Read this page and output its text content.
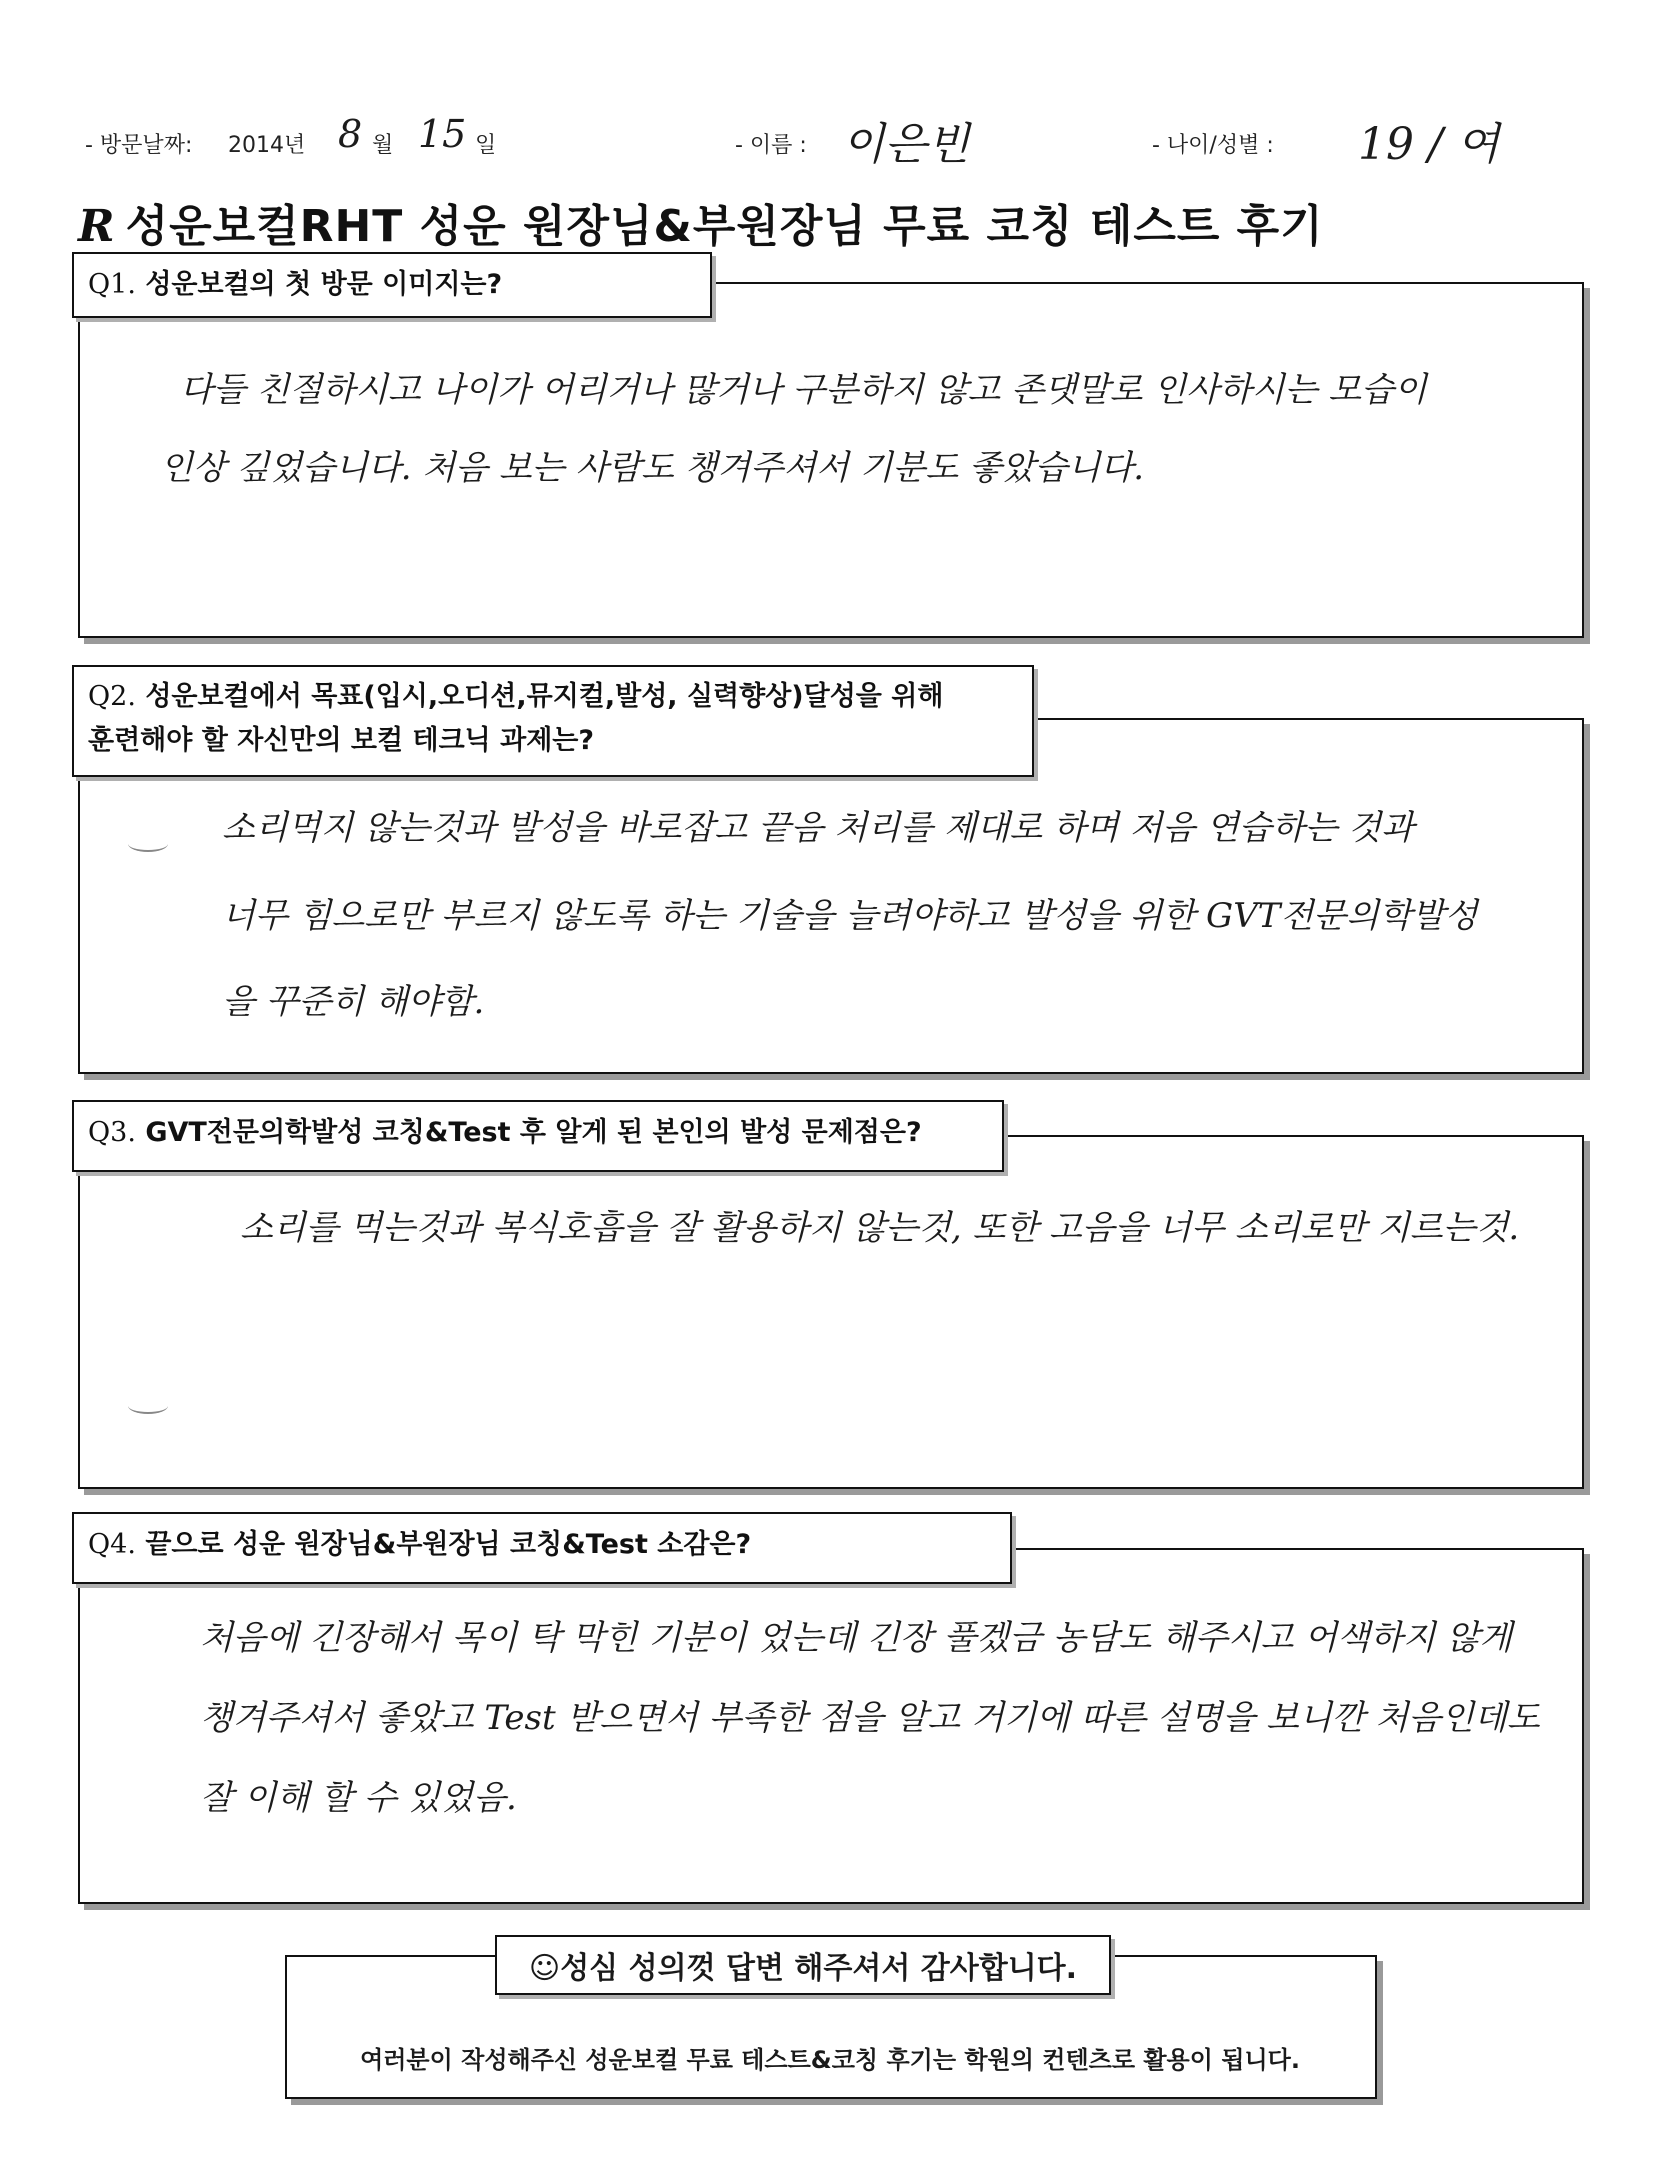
- 방문날짜: 2014년 8 월 15 일	- 이름 : 이은빈	- 나이/성별 : 19 / 여
R 성운보컬RHT 성운 원장님&부원장님 무료 코칭 테스트 후기
Q1. 성운보컬의 첫 방문 이미지는?
다들 친절하시고 나이가 어리거나 많거나 구분하지 않고 존댓말로 인사하시는 모습이
인상 깊었습니다. 처음 보는 사람도 챙겨주셔서 기분도 좋았습니다.
Q2. 성운보컬에서 목표(입시,오디션,뮤지컬,발성, 실력향상)달성을 위해
훈련해야 할 자신만의 보컬 테크닉 과제는?
소리먹지 않는것과 발성을 바로잡고 끝음 처리를 제대로 하며 저음 연습하는 것과
너무 힘으로만 부르지 않도록 하는 기술을 늘려야하고 발성을 위한 GVT전문의학발성
을 꾸준히 해야함.
Q3. GVT전문의학발성 코칭&Test 후 알게 된 본인의 발성 문제점은?
소리를 먹는것과 복식호흡을 잘 활용하지 않는것, 또한 고음을 너무 소리로만 지르는것.
Q4. 끝으로 성운 원장님&부원장님 코칭&Test 소감은?
처음에 긴장해서 목이 탁 막힌 기분이 었는데 긴장 풀겠금 농담도 해주시고 어색하지 않게
챙겨주셔서 좋았고 Test 받으면서 부족한 점을 알고 거기에 따른 설명을 보니깐 처음인데도
잘 이해 할 수 있었음.
☺성심 성의껏 답변 해주셔서 감사합니다.
여러분이 작성해주신 성운보컬 무료 테스트&코칭 후기는 학원의 컨텐츠로 활용이 됩니다.
